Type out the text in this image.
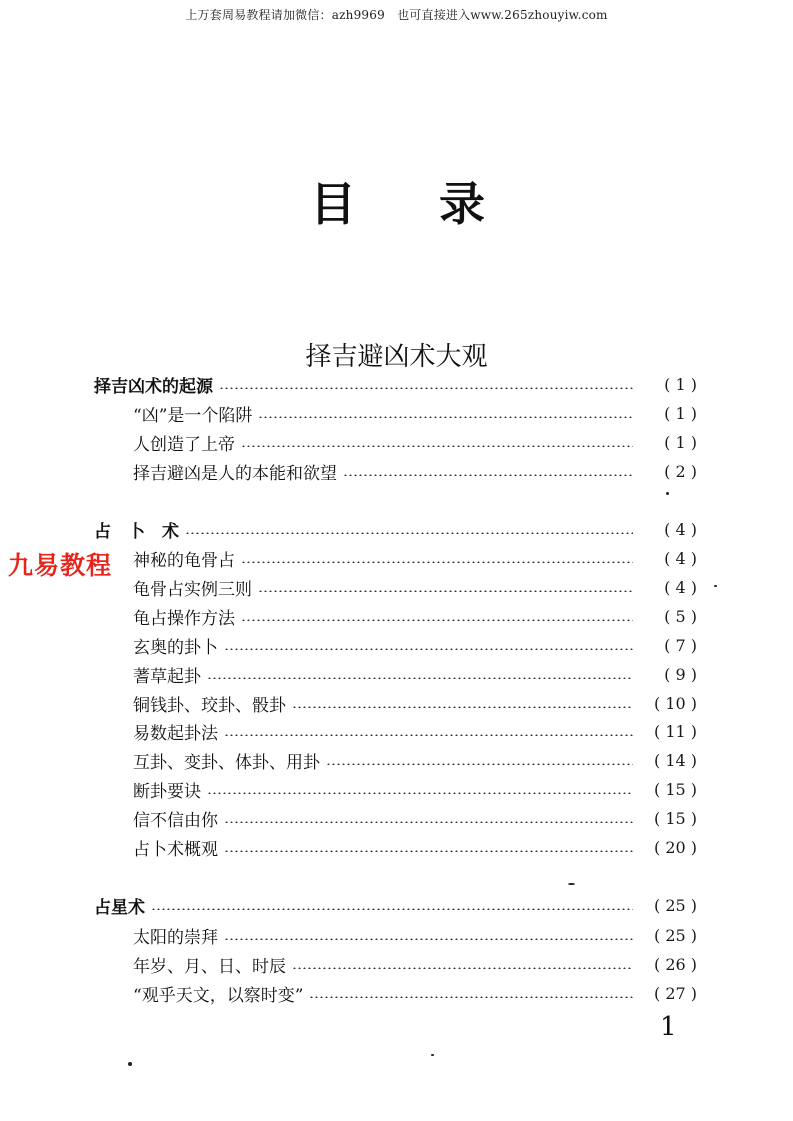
上万套周易教程请加微信：azh9969　也可直接进入www.265zhouyiw.com
目 录
择吉避凶术大观
择吉凶术的起源	( 1 )
“凶”是一个陷阱	( 1 )
人创造了上帝	( 1 )
择吉避凶是人的本能和欲望	( 2 )
占　卜　术	( 4 )
神秘的龟骨占	( 4 )
龟骨占实例三则	( 4 )
龟占操作方法	( 5 )
玄奥的卦卜	( 7 )
蓍草起卦	( 9 )
铜钱卦、珓卦、骰卦	( 10 )
易数起卦法	( 11 )
互卦、变卦、体卦、用卦	( 14 )
断卦要诀	( 15 )
信不信由你	( 15 )
占卜术概观	( 20 )
占星术	( 25 )
太阳的崇拜	( 25 )
年岁、月、日、时辰	( 26 )
“观乎天文，以察时变”	( 27 )
九易教程
1
